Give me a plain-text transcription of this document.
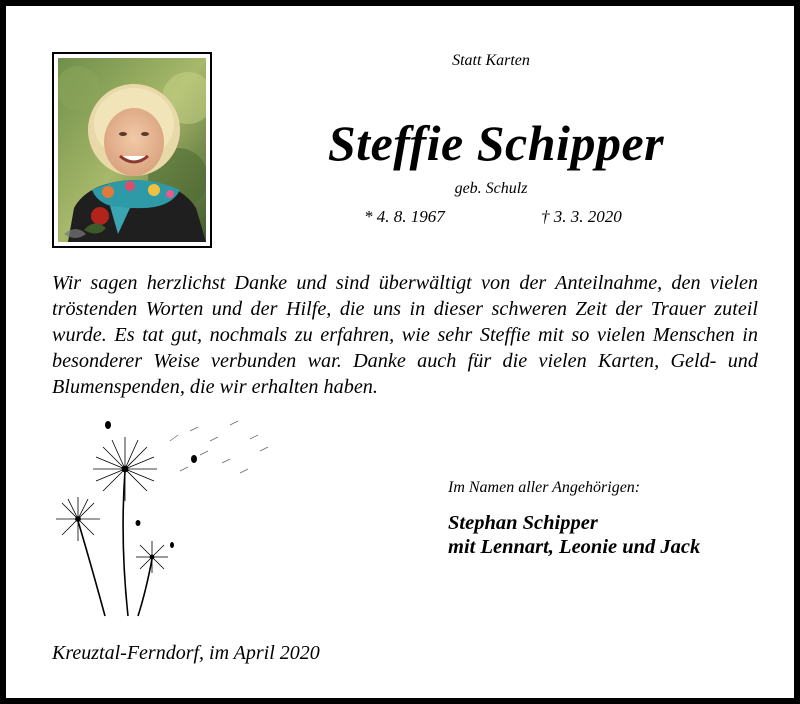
Statt Karten
Steffie Schipper
geb. Schulz
* 4. 8. 1967	† 3. 3. 2020
Wir sagen herzlichst Danke und sind überwältigt von der Anteilnahme, den vielen tröstenden Worten und der Hilfe, die uns in dieser schweren Zeit der Trauer zuteil wurde. Es tat gut, nochmals zu erfahren, wie sehr Steffie mit so vielen Menschen in besonderer Weise verbunden war. Danke auch für die vielen Karten, Geld- und Blumenspenden, die wir erhalten haben.
Im Namen aller Angehörigen:
Stephan Schipper
mit Lennart, Leonie und Jack
Kreuztal-Ferndorf, im April 2020
